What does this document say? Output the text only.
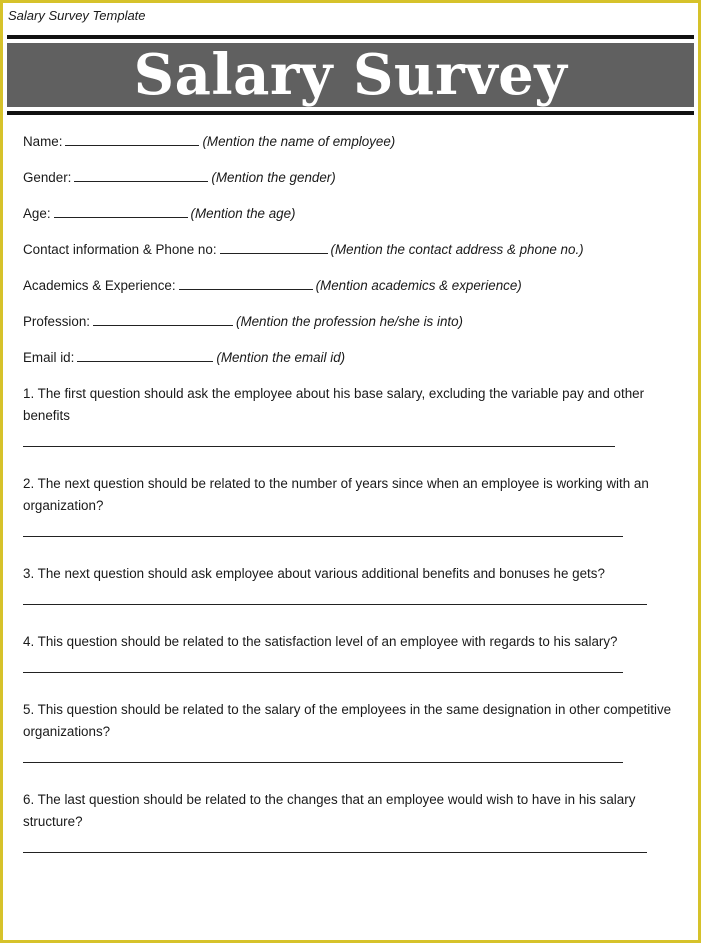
Salary Survey Template
Salary Survey
Name:	(Mention the name of employee)
Gender:	(Mention the gender)
Age:	(Mention the age)
Contact information & Phone no:	(Mention the contact address & phone no.)
Academics & Experience:	(Mention academics & experience)
Profession:	(Mention the profession he/she is into)
Email id:	(Mention the email id)
1. The first question should ask the employee about his base salary, excluding the variable pay and other benefits
2. The next question should be related to the number of years since when an employee is working with an organization?
3. The next question should ask employee about various additional benefits and bonuses he gets?
4. This question should be related to the satisfaction level of an employee with regards to his salary?
5. This question should be related to the salary of the employees in the same designation in other competitive organizations?
6. The last question should be related to the changes that an employee would wish to have in his salary structure?
